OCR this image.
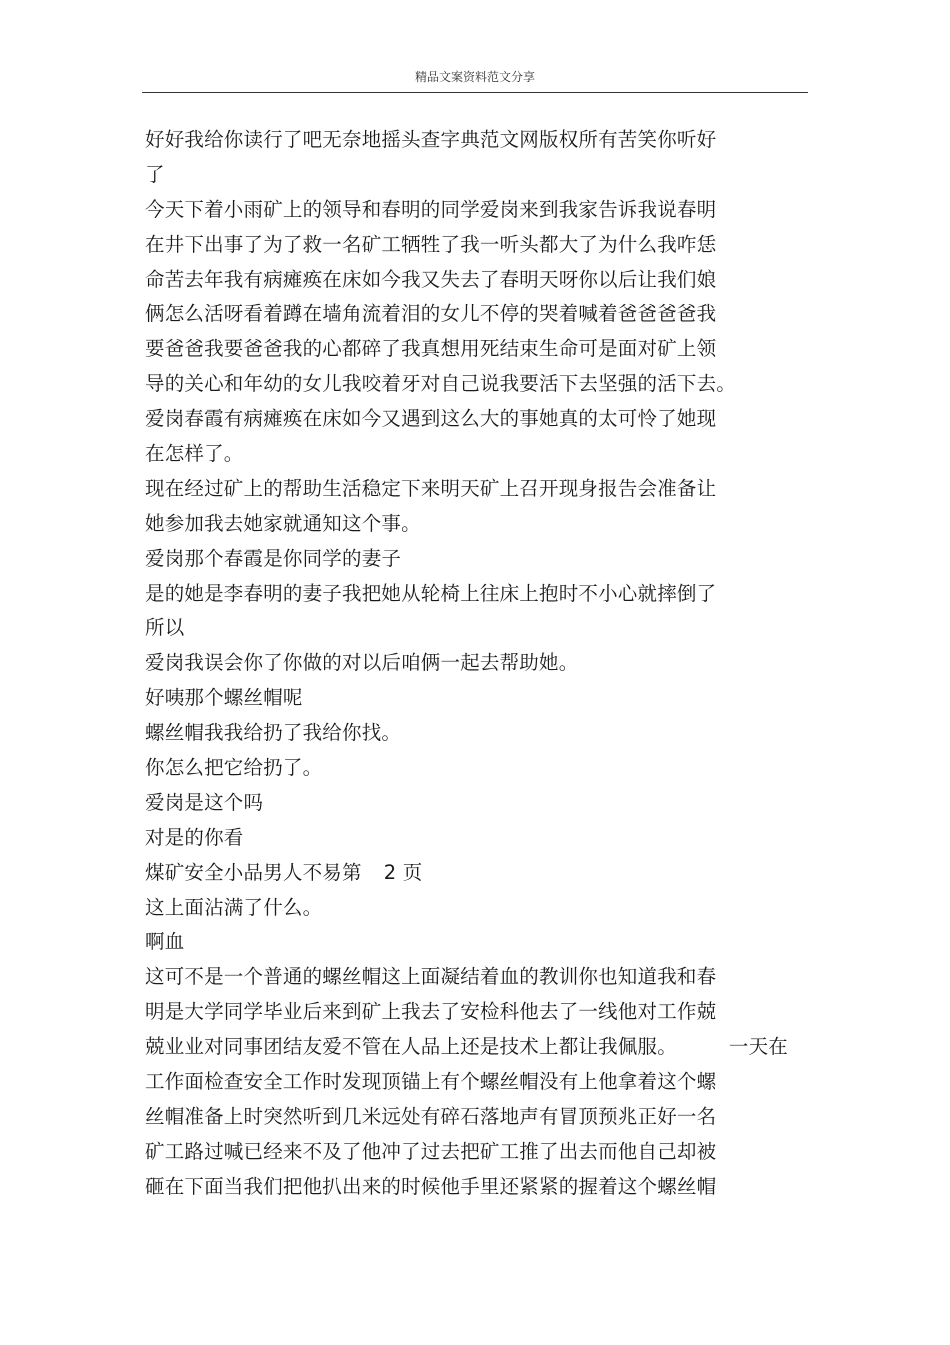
精品文案资料范文分享
好好我给你读行了吧无奈地摇头查字典范文网版权所有苦笑你听好
了
今天下着小雨矿上的领导和春明的同学爱岗来到我家告诉我说春明
在井下出事了为了救一名矿工牺牲了我一听头都大了为什么我咋恁
命苦去年我有病瘫痪在床如今我又失去了春明天呀你以后让我们娘
俩怎么活呀看着蹲在墙角流着泪的女儿不停的哭着喊着爸爸爸爸我
要爸爸我要爸爸我的心都碎了我真想用死结束生命可是面对矿上领
导的关心和年幼的女儿我咬着牙对自己说我要活下去坚强的活下去。
爱岗春霞有病瘫痪在床如今又遇到这么大的事她真的太可怜了她现
在怎样了。
现在经过矿上的帮助生活稳定下来明天矿上召开现身报告会准备让
她参加我去她家就通知这个事。
爱岗那个春霞是你同学的妻子
是的她是李春明的妻子我把她从轮椅上往床上抱时不小心就摔倒了
所以
爱岗我误会你了你做的对以后咱俩一起去帮助她。
好咦那个螺丝帽呢
螺丝帽我我给扔了我给你找。
你怎么把它给扔了。
爱岗是这个吗
对是的你看
煤矿安全小品男人不易第 2 页
这上面沾满了什么。
啊血
这可不是一个普通的螺丝帽这上面凝结着血的教训你也知道我和春
明是大学同学毕业后来到矿上我去了安检科他去了一线他对工作兢
兢业业对同事团结友爱不管在人品上还是技术上都让我佩服。	一天在
工作面检查安全工作时发现顶锚上有个螺丝帽没有上他拿着这个螺
丝帽准备上时突然听到几米远处有碎石落地声有冒顶预兆正好一名
矿工路过喊已经来不及了他冲了过去把矿工推了出去而他自己却被
砸在下面当我们把他扒出来的时候他手里还紧紧的握着这个螺丝帽
